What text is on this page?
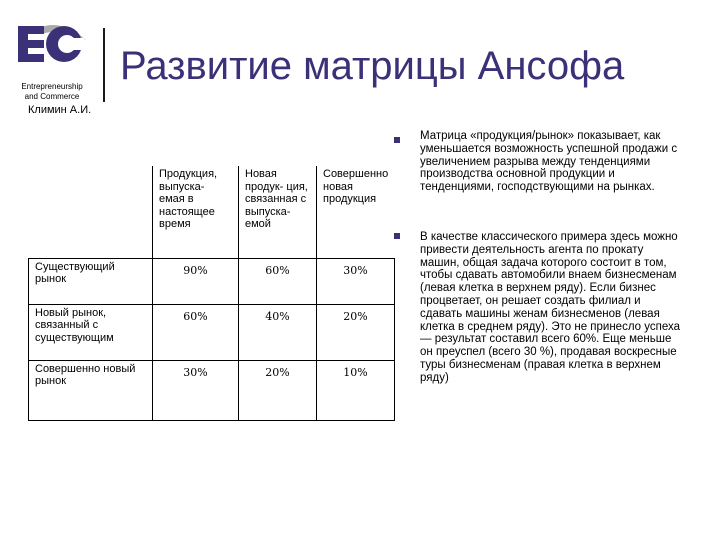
Entrepreneurship
and Commerce
Развитие матрицы Ансофа
Климин А.И.
	Продукция, выпуска- емая в настоящее время	Новая продук- ция, связанная с выпуска- емой	Совершенно новая продукция
Существующий рынок	90%	60%	30%
Новый рынок, связанный с существующим	60%	40%	20%
Совершенно новый рынок	30%	20%	10%
Матрица «продукция/рынок» показывает, как уменьшается возможность успешной продажи с увеличением разрыва между тенденциями производства основной продукции и тенденциями, господствующими на рынках.
В качестве классического примера здесь можно привести деятельность агента по прокату машин, общая задача которого состоит в том, чтобы сдавать автомобили внаем бизнесменам (левая клетка в верхнем ряду). Если бизнес процветает, он решает создать филиал и сдавать машины женам бизнесменов (левая клетка в среднем ряду). Это не принесло успеха — результат составил всего 60%. Еще меньше он преуспел (всего 30 %), продавая воскресные туры бизнесменам (правая клетка в верхнем ряду)
